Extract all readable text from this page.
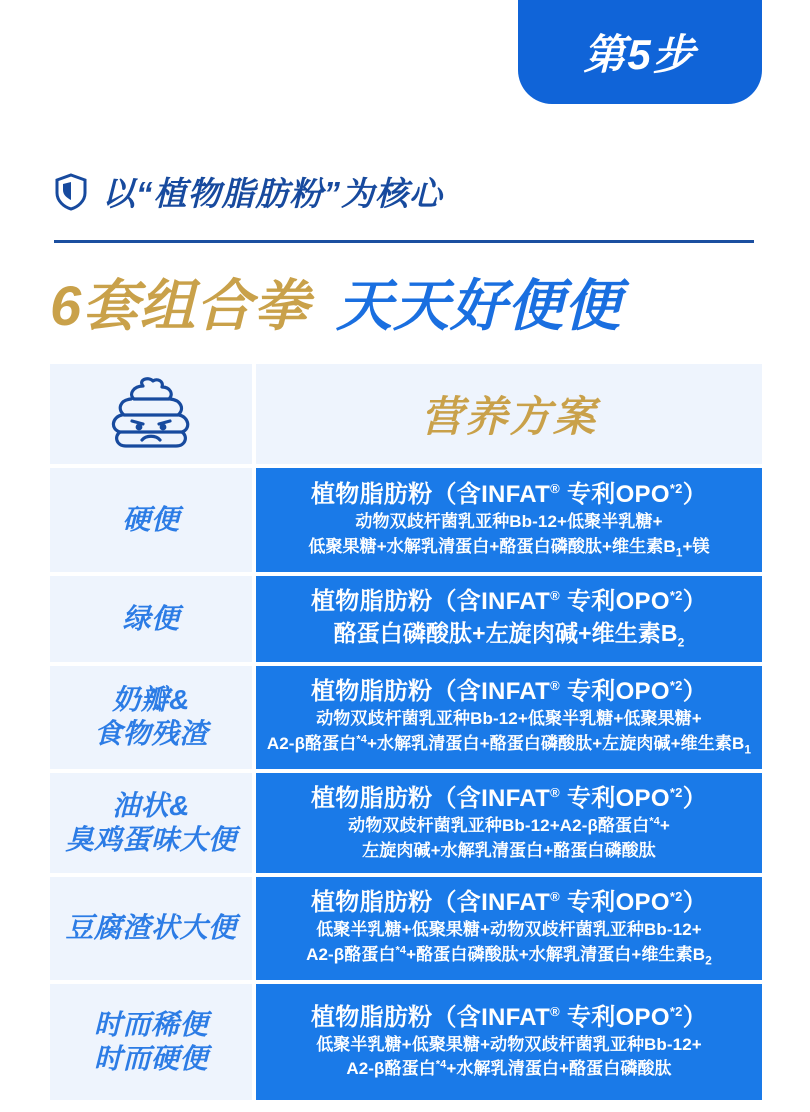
第5步
以“植物脂肪粉”为核心
6套组合拳 天天好便便
营养方案
硬便
植物脂肪粉（含INFAT® 专利OPO$^{*2}$）
动物双歧杆菌乳亚种Bb-12+低聚半乳糖+
低聚果糖+水解乳清蛋白+酪蛋白磷酸肽+维生素$B_1+$镁
绿便
植物脂肪粉（含INFAT® 专利OPO$^{*2}$）
酪蛋白磷酸肽+左旋肉碱+维生素$B_2$
奶瓣&
食物残渣
植物脂肪粉（含INFAT® 专利OPO$^{*2}$）
动物双歧杆菌乳亚种Bb-12+低聚半乳糖+低聚果糖+
A2-β酪蛋白$^{*4}$+水解乳清蛋白+酪蛋白磷酸肽+左旋肉碱+维生素$B_1$
油状&
臭鸡蛋味大便
植物脂肪粉（含INFAT® 专利OPO$^{*2}$）
动物双歧杆菌乳亚种Bb-12+A2-β酪蛋白$^{*4}$+
左旋肉碱+水解乳清蛋白+酪蛋白磷酸肽
豆腐渣状大便
植物脂肪粉（含INFAT® 专利OPO$^{*2}$）
低聚半乳糖+低聚果糖+动物双歧杆菌乳亚种Bb-12+
A2-β酪蛋白$^{*4}$+酪蛋白磷酸肽+水解乳清蛋白+维生素$B_2$
时而稀便
时而硬便
植物脂肪粉（含INFAT® 专利OPO$^{*2}$）
低聚半乳糖+低聚果糖+动物双歧杆菌乳亚种Bb-12+
A2-β酪蛋白$^{*4}$+水解乳清蛋白+酪蛋白磷酸肽
